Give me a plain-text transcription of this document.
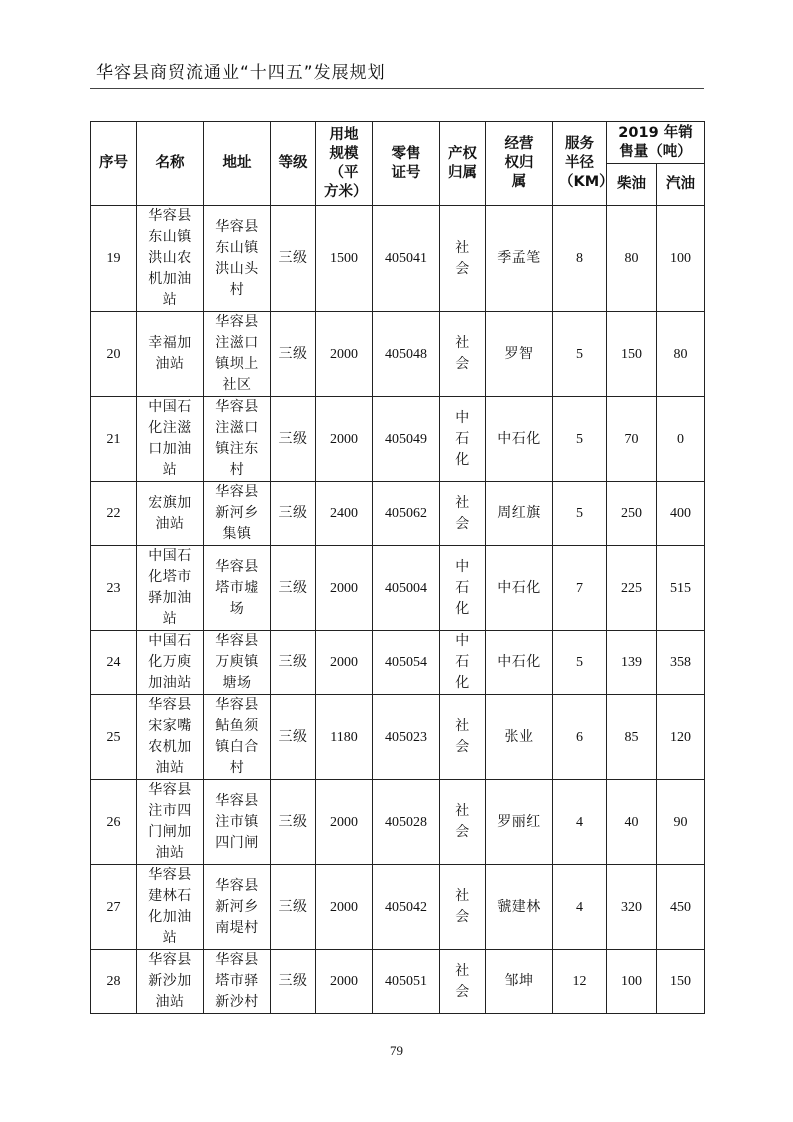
华容县商贸流通业“十四五”发展规划
序号	名称	地址	等级	用地规模（平方米）	零售证号	产权归属	经营权归属	服务半径（KM）	2019 年销售量（吨）	
									柴油	汽油
19	华容县东山镇洪山农机加油站	华容县东山镇洪山头村	三级	1500	405041	社会	季孟笔	8	80	100
20	幸福加油站	华容县注滋口镇坝上社区	三级	2000	405048	社会	罗智	5	150	80
21	中国石化注滋口加油站	华容县注滋口镇注东村	三级	2000	405049	中石化	中石化	5	70	0
22	宏旗加油站	华容县新河乡集镇	三级	2400	405062	社会	周红旗	5	250	400
23	中国石化塔市驿加油站	华容县塔市墟场	三级	2000	405004	中石化	中石化	7	225	515
24	中国石化万庾加油站	华容县万庾镇塘场	三级	2000	405054	中石化	中石化	5	139	358
25	华容县宋家嘴农机加油站	华容县鲇鱼须镇白合村	三级	1180	405023	社会	张业	6	85	120
26	华容县注市四门闸加油站	华容县注市镇四门闸	三级	2000	405028	社会	罗丽红	4	40	90
27	华容县建林石化加油站	华容县新河乡南堤村	三级	2000	405042	社会	虢建林	4	320	450
28	华容县新沙加油站	华容县塔市驿新沙村	三级	2000	405051	社会	邹坤	12	100	150
79
